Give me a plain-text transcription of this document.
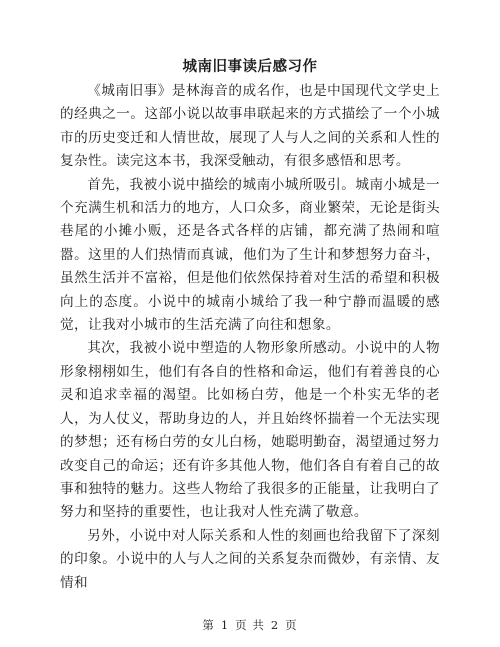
城南旧事读后感习作

《城南旧事》是林海音的成名作，也是中国现代文学史上的经典之一。这部小说以故事串联起来的方式描绘了一个小城市的历史变迁和人情世故，展现了人与人之间的关系和人性的复杂性。读完这本书，我深受触动，有很多感悟和思考。

首先，我被小说中描绘的城南小城所吸引。城南小城是一个充满生机和活力的地方，人口众多，商业繁荣，无论是街头巷尾的小摊小贩，还是各式各样的店铺，都充满了热闹和喧嚣。这里的人们热情而真诚，他们为了生计和梦想努力奋斗，虽然生活并不富裕，但是他们依然保持着对生活的希望和积极向上的态度。小说中的城南小城给了我一种宁静而温暖的感觉，让我对小城市的生活充满了向往和想象。

其次，我被小说中塑造的人物形象所感动。小说中的人物形象栩栩如生，他们有各自的性格和命运，他们有着善良的心灵和追求幸福的渴望。比如杨白劳，他是一个朴实无华的老人，为人仗义，帮助身边的人，并且始终怀揣着一个无法实现的梦想；还有杨白劳的女儿白杨，她聪明勤奋，渴望通过努力改变自己的命运；还有许多其他人物，他们各自有着自己的故事和独特的魅力。这些人物给了我很多的正能量，让我明白了努力和坚持的重要性，也让我对人性充满了敬意。

另外，小说中对人际关系和人性的刻画也给我留下了深刻的印象。小说中的人与人之间的关系复杂而微妙，有亲情、友情和

第 1 页 共 2 页
